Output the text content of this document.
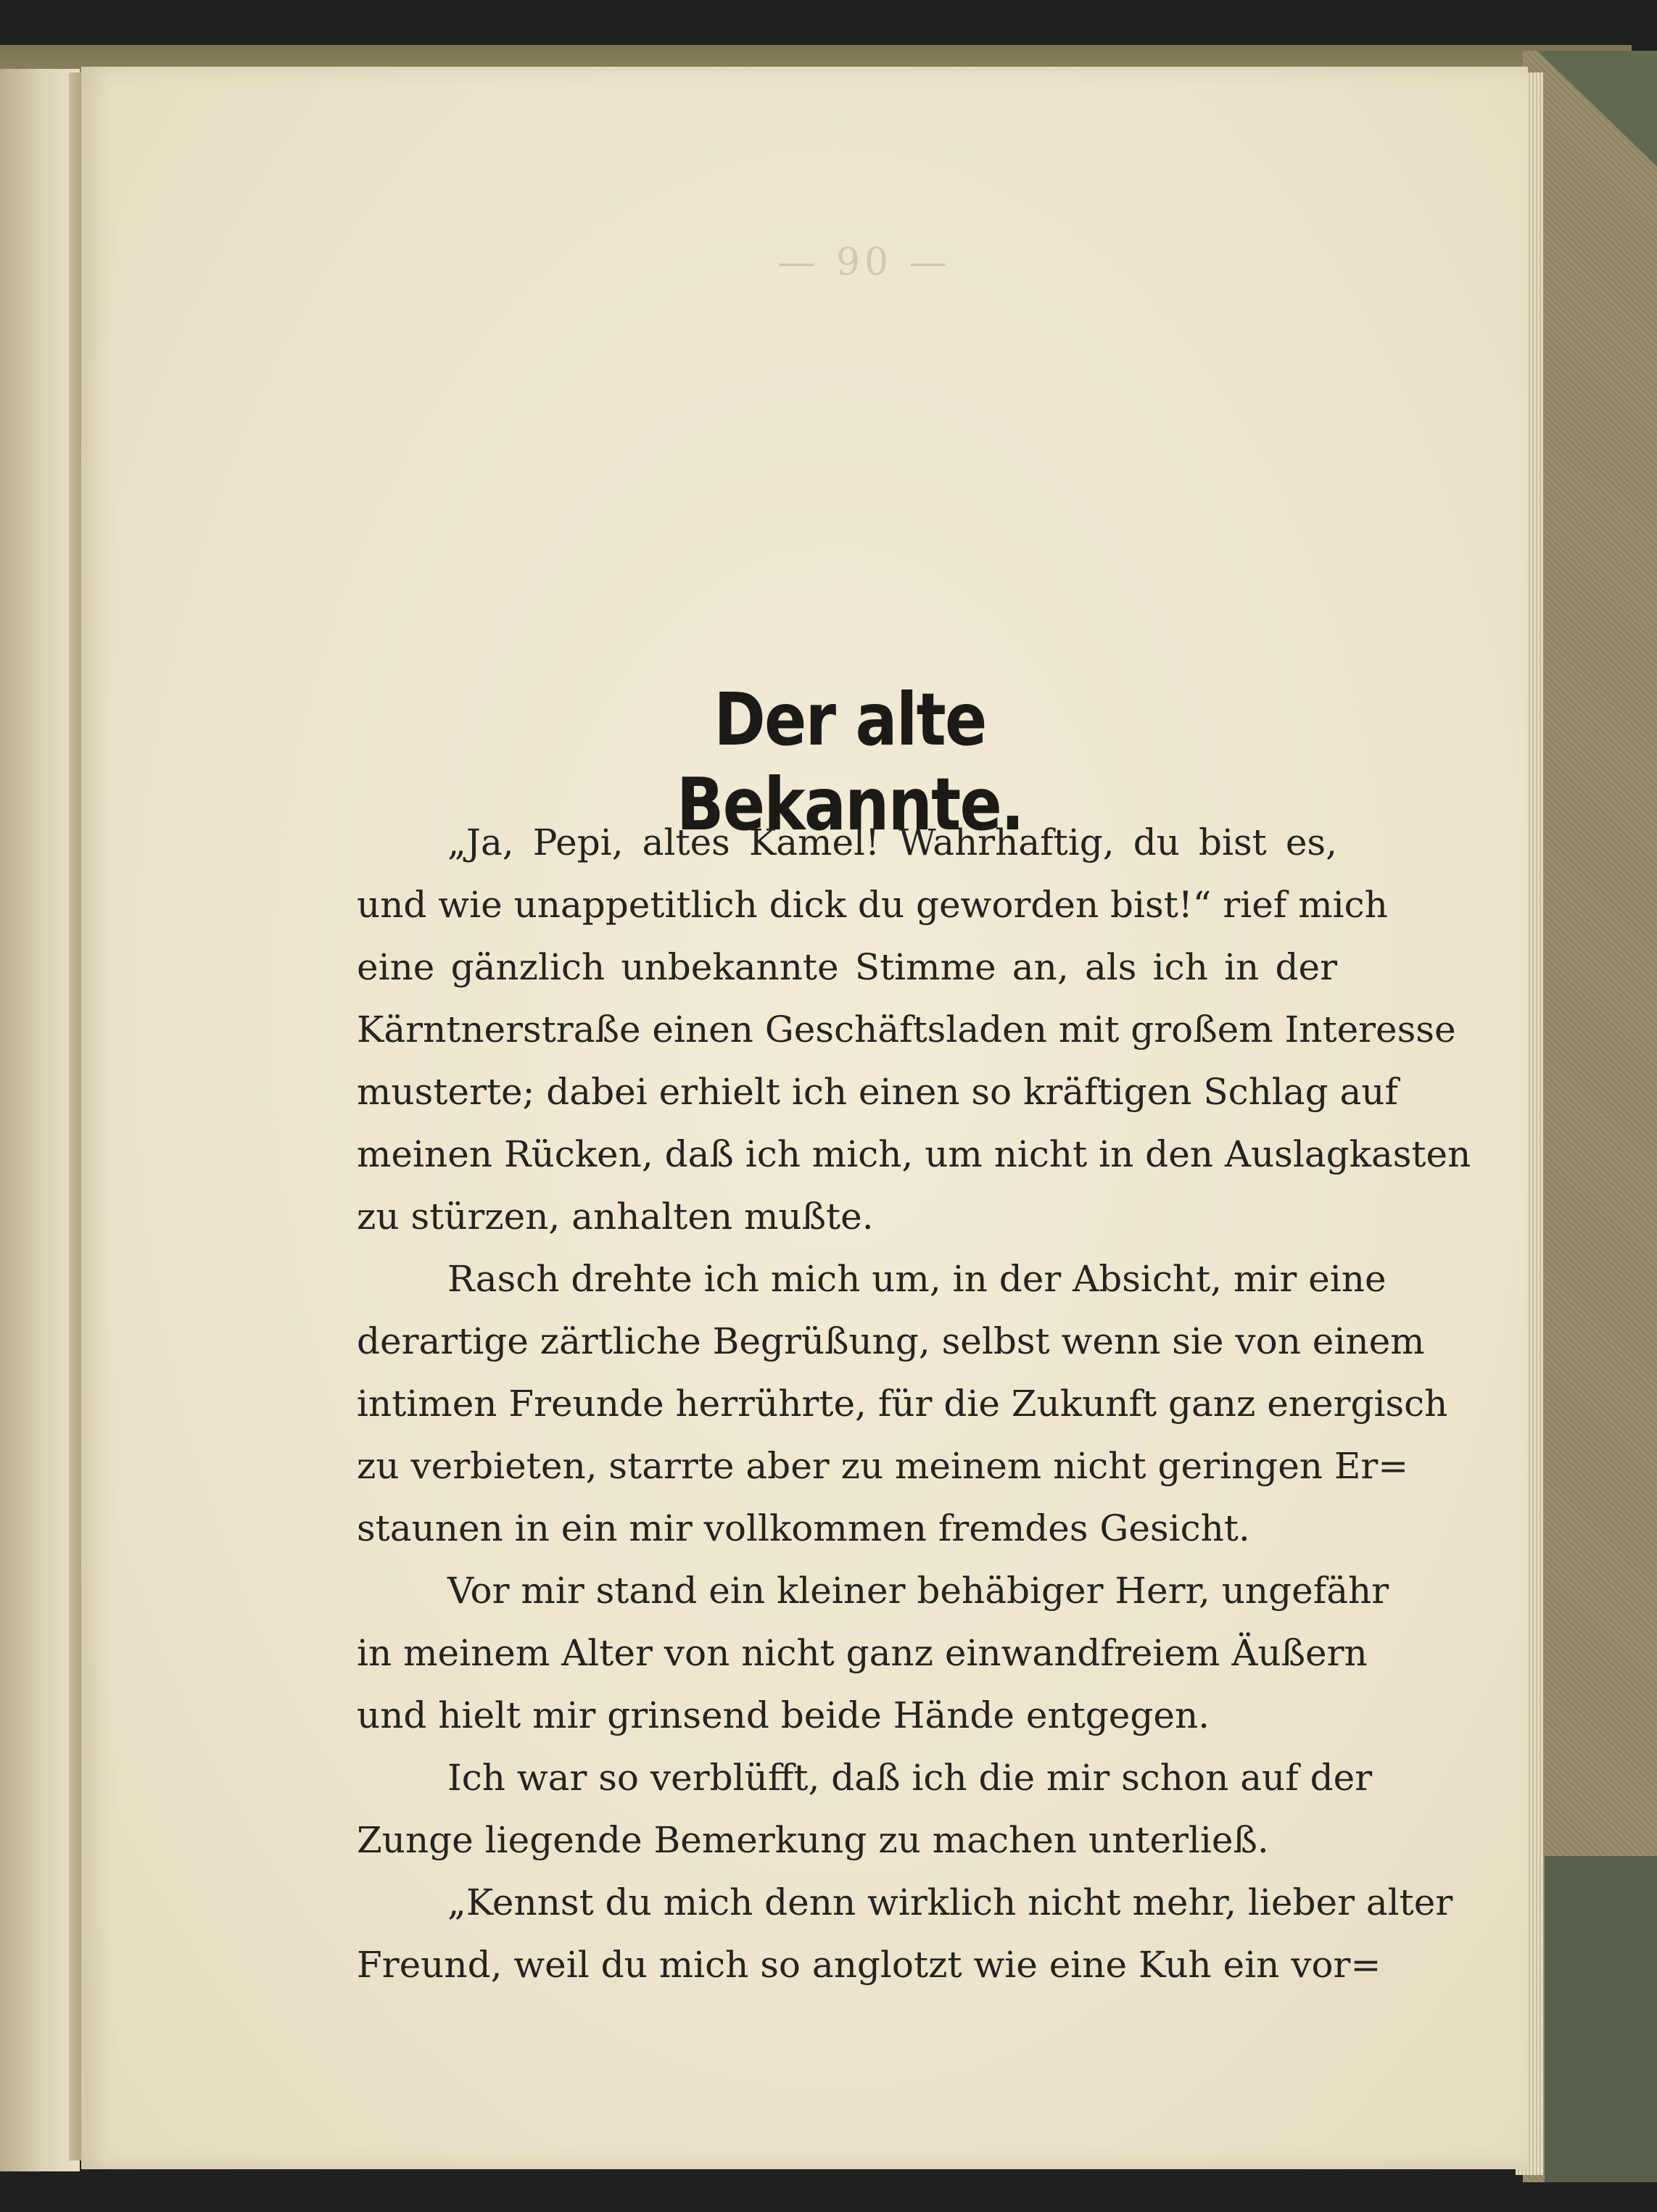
— 90 —
Der alte Bekannte.
„Ja, Pepi, altes Kamel! Wahrhaftig, du bist es,
und wie unappetitlich dick du geworden bist!“ rief mich
eine gänzlich unbekannte Stimme an, als ich in der
Kärntnerstraße einen Geschäftsladen mit großem Interesse
musterte; dabei erhielt ich einen so kräftigen Schlag auf
meinen Rücken, daß ich mich, um nicht in den Auslagkasten
zu stürzen, anhalten mußte.
Rasch drehte ich mich um, in der Absicht, mir eine
derartige zärtliche Begrüßung, selbst wenn sie von einem
intimen Freunde herrührte, für die Zukunft ganz energisch
zu verbieten, starrte aber zu meinem nicht geringen Er=
staunen in ein mir vollkommen fremdes Gesicht.
Vor mir stand ein kleiner behäbiger Herr, ungefähr
in meinem Alter von nicht ganz einwandfreiem Äußern
und hielt mir grinsend beide Hände entgegen.
Ich war so verblüfft, daß ich die mir schon auf der
Zunge liegende Bemerkung zu machen unterließ.
„Kennst du mich denn wirklich nicht mehr, lieber alter
Freund, weil du mich so anglotzt wie eine Kuh ein vor=
